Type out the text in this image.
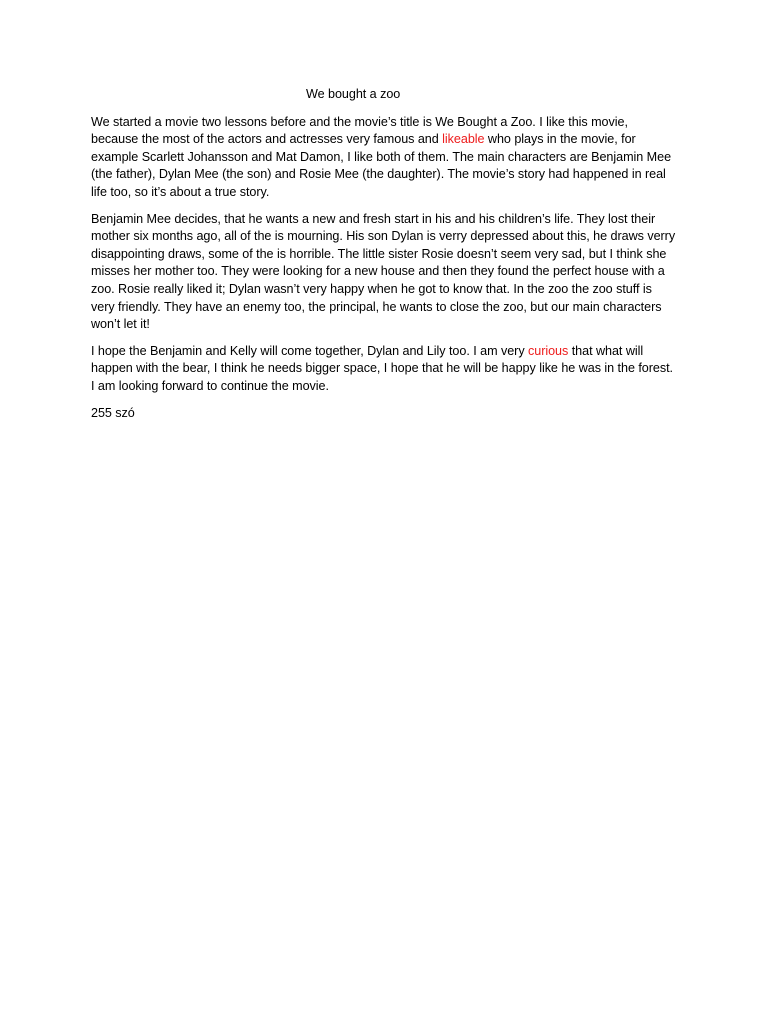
We bought a zoo

We started a movie two lessons before and the movie’s title is We Bought a Zoo. I like this movie, because the most of the actors and actresses very famous and likeable who plays in the movie, for example Scarlett Johansson and Mat Damon, I like both of them. The main characters are Benjamin Mee (the father), Dylan Mee (the son) and Rosie Mee (the daughter). The movie’s story had happened in real life too, so it’s about a true story.

Benjamin Mee decides, that he wants a new and fresh start in his and his children’s life. They lost their mother six months ago, all of the is mourning. His son Dylan is verry depressed about this, he draws verry disappointing draws, some of the is horrible. The little sister Rosie doesn’t seem very sad, but I think she misses her mother too. They were looking for a new house and then they found the perfect house with a zoo. Rosie really liked it; Dylan wasn’t very happy when he got to know that. In the zoo the zoo stuff is very friendly. They have an enemy too, the principal, he wants to close the zoo, but our main characters won’t let it!

I hope the Benjamin and Kelly will come together, Dylan and Lily too. I am very curious that what will happen with the bear, I think he needs bigger space, I hope that he will be happy like he was in the forest. I am looking forward to continue the movie.

255 szó
